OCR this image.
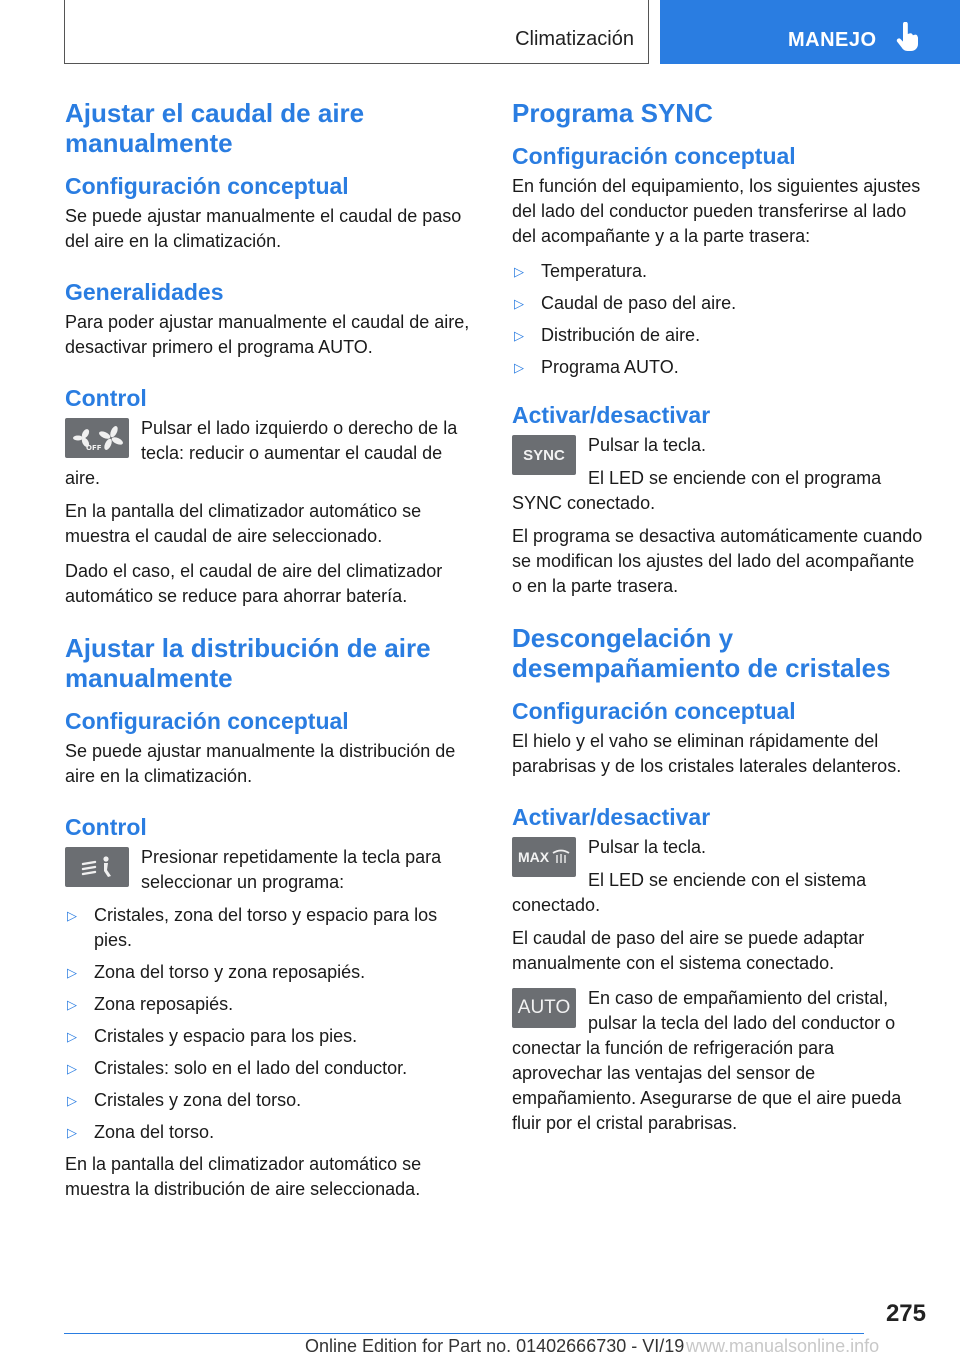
Climatización	MANEJO
Ajustar el caudal de aire manualmente
Configuración conceptual

Se puede ajustar manualmente el caudal de paso del aire en la climatización.

Generalidades

Para poder ajustar manualmente el caudal de aire, desactivar primero el programa AUTO.

Control
OFF

Pulsar el lado izquierdo o derecho de la tecla: reducir o aumentar el caudal de aire.

En la pantalla del climatizador automático se muestra el caudal de aire seleccionado.

Dado el caso, el caudal de aire del climatizador automático se reduce para ahorrar batería.

Ajustar la distribución de aire manualmente
Configuración conceptual

Se puede ajustar manualmente la distribución de aire en la climatización.

Control

Presionar repetidamente la tecla para seleccionar un programa:

▷ Cristales, zona del torso y espacio para los pies.
▷ Zona del torso y zona reposapiés.
▷ Zona reposapiés.
▷ Cristales y espacio para los pies.
▷ Cristales: solo en el lado del conductor.
▷ Cristales y zona del torso.
▷ Zona del torso.

En la pantalla del climatizador automático se muestra la distribución de aire seleccionada.

Programa SYNC
Configuración conceptual

En función del equipamiento, los siguientes ajustes del lado del conductor pueden transferirse al lado del acompañante y a la parte trasera:

▷ Temperatura.
▷ Caudal de paso del aire.
▷ Distribución de aire.
▷ Programa AUTO.
Activar/desactivar
SYNC	Pulsar la tecla.

El LED se enciende con el programa SYNC conectado.

El programa se desactiva automáticamente cuando se modifican los ajustes del lado del acompañante o en la parte trasera.

Descongelación y desempañamiento de cristales
Configuración conceptual

El hielo y el vaho se eliminan rápidamente del parabrisas y de los cristales laterales delanteros.

Activar/desactivar
MAX	Pulsar la tecla.

El LED se enciende con el sistema conectado.

El caudal de paso del aire se puede adaptar manualmente con el sistema conectado.

AUTO En caso de empañamiento del cristal, pulsar la tecla del lado del conductor o conectar la función de refrigeración para aprovechar las ventajas del sensor de empañamiento. Asegurarse de que el aire pueda fluir por el cristal parabrisas.

275
Online Edition for Part no. 01402666730 - VI/19 www.manualsonline.info
